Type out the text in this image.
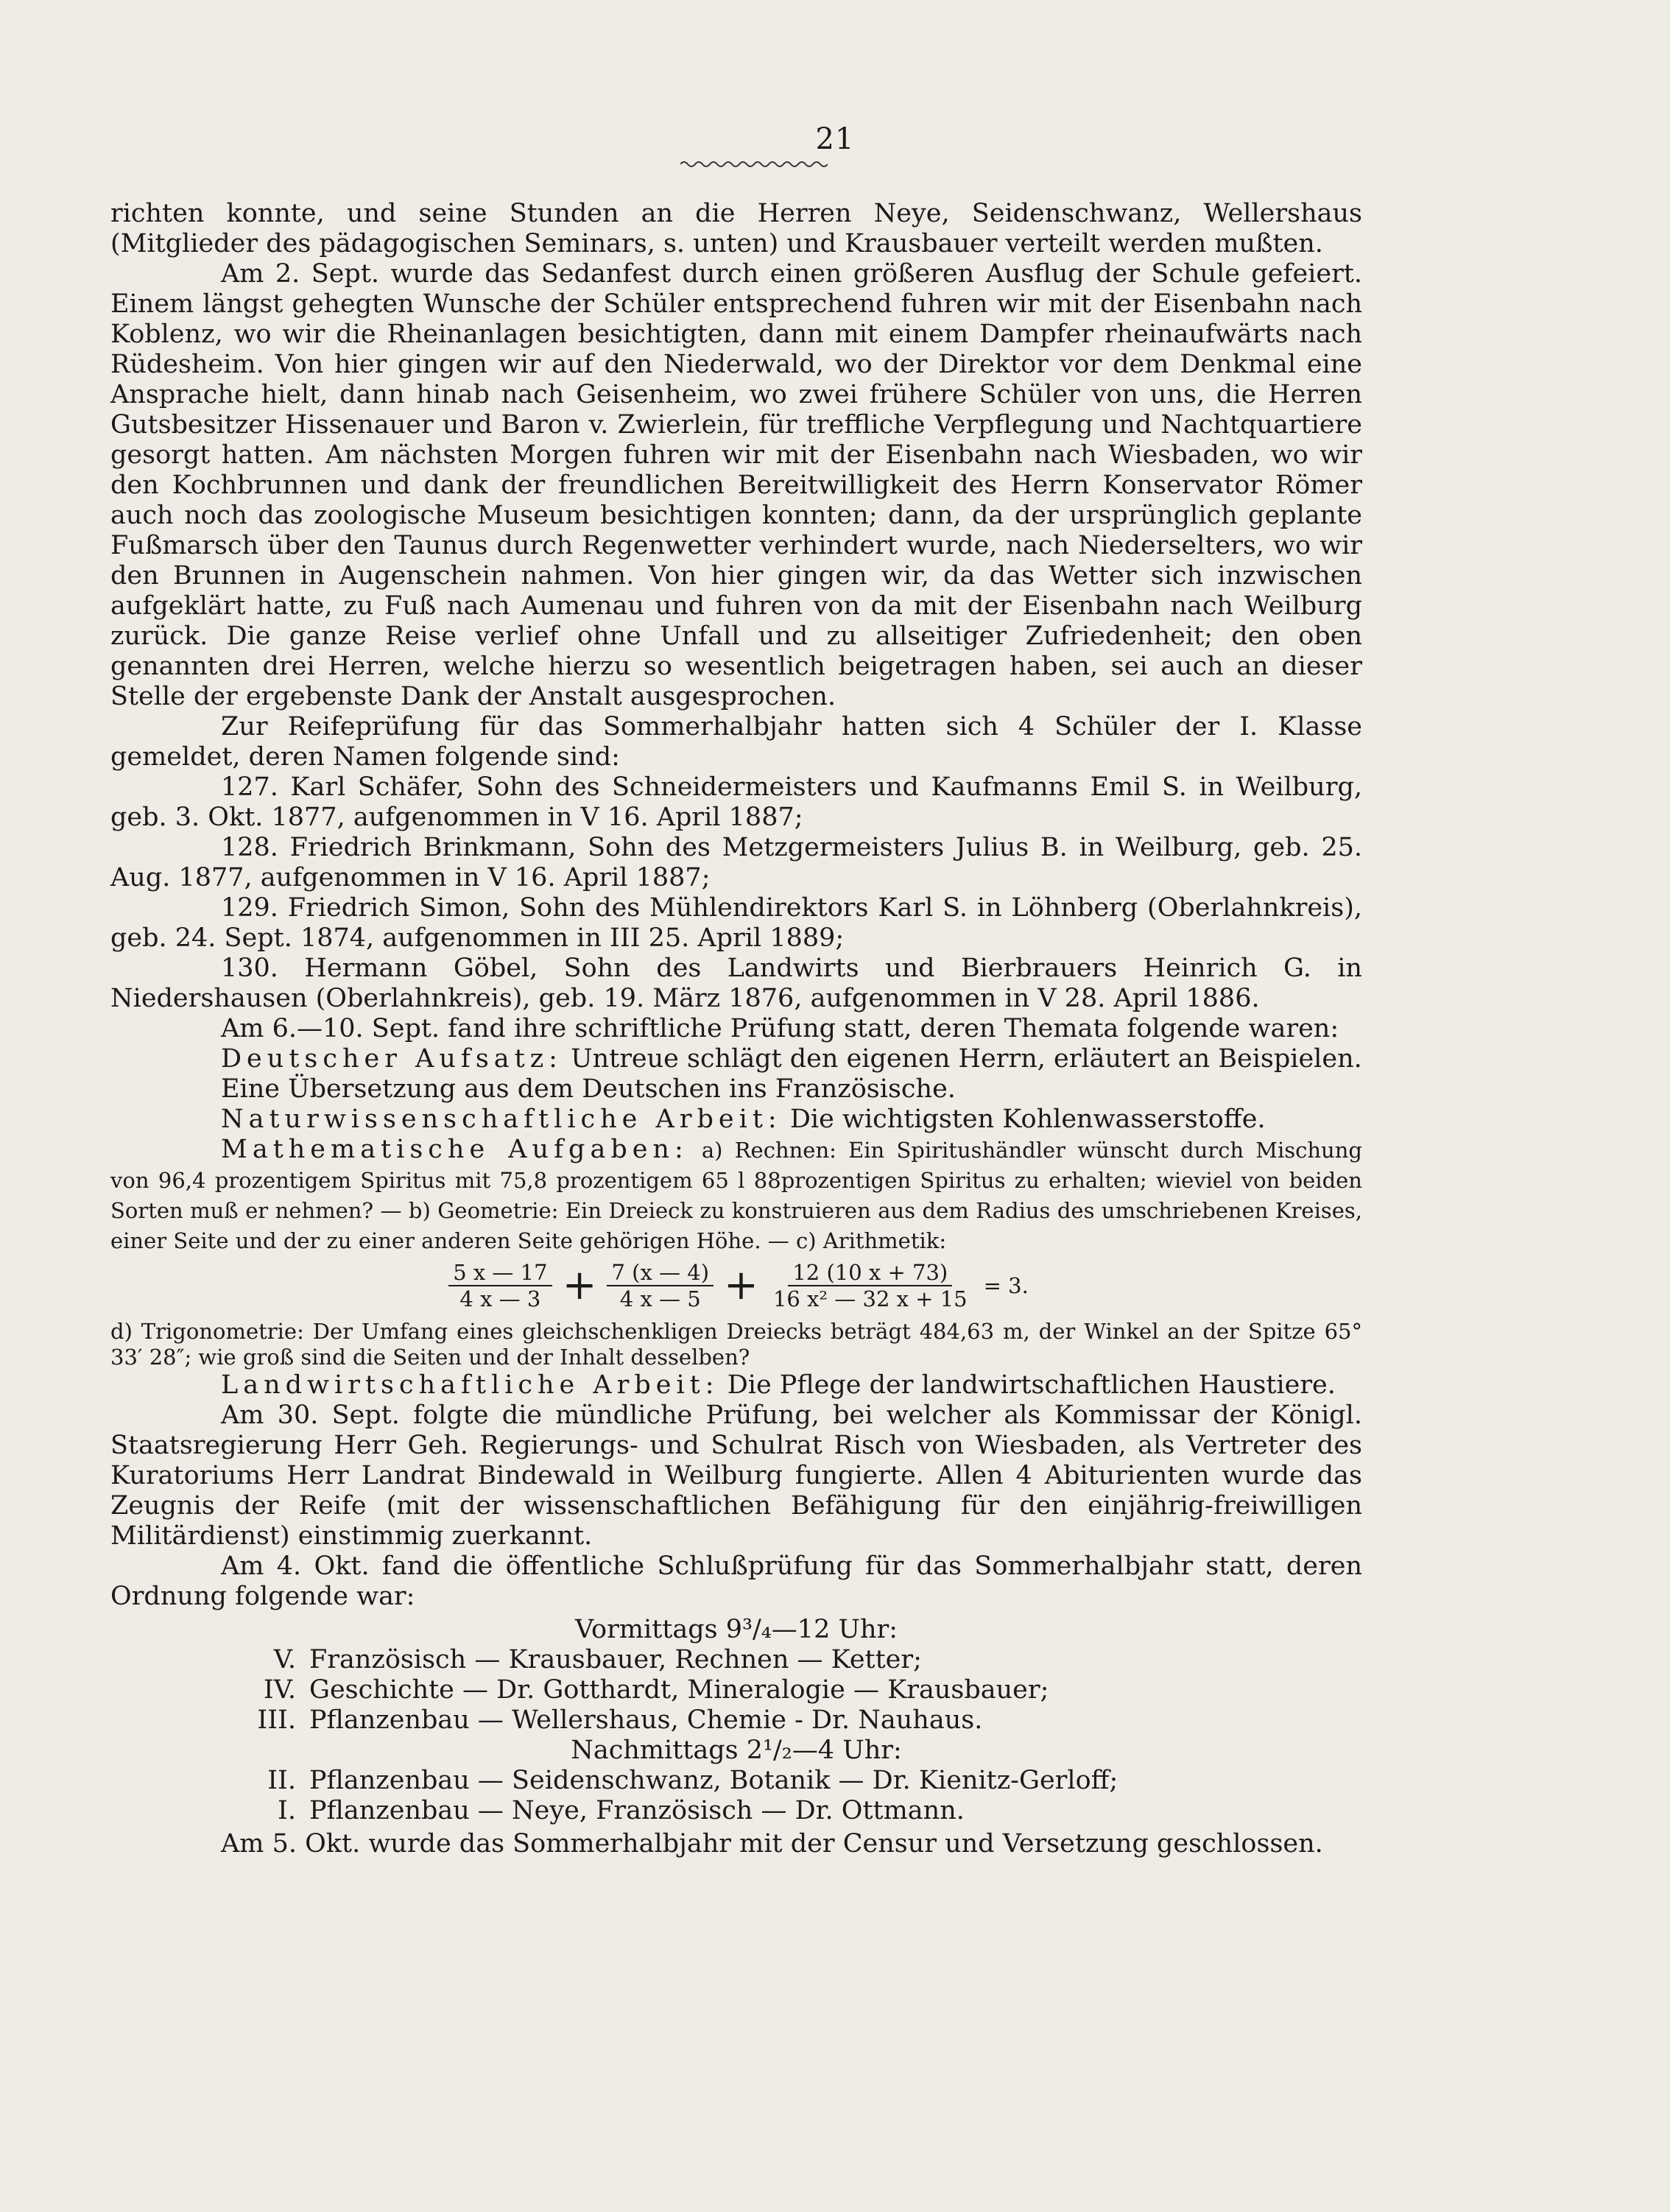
21

richten konnte, und seine Stunden an die Herren Neye, Seidenschwanz, Wellershaus (Mitglieder des pädagogischen Seminars, s. unten) und Krausbauer verteilt werden mußten.

Am 2. Sept. wurde das Sedanfest durch einen größeren Ausflug der Schule gefeiert. Einem längst gehegten Wunsche der Schüler entsprechend fuhren wir mit der Eisenbahn nach Koblenz, wo wir die Rheinanlagen besichtigten, dann mit einem Dampfer rheinaufwärts nach Rüdesheim. Von hier gingen wir auf den Niederwald, wo der Direktor vor dem Denkmal eine Ansprache hielt, dann hinab nach Geisenheim, wo zwei frühere Schüler von uns, die Herren Gutsbesitzer Hissenauer und Baron v. Zwierlein, für treffliche Verpflegung und Nachtquartiere gesorgt hatten. Am nächsten Morgen fuhren wir mit der Eisenbahn nach Wiesbaden, wo wir den Kochbrunnen und dank der freundlichen Bereitwilligkeit des Herrn Konservator Römer auch noch das zoologische Museum besichtigen konnten; dann, da der ursprünglich geplante Fußmarsch über den Taunus durch Regenwetter verhindert wurde, nach Niederselters, wo wir den Brunnen in Augenschein nahmen. Von hier gingen wir, da das Wetter sich inzwischen aufgeklärt hatte, zu Fuß nach Aumenau und fuhren von da mit der Eisenbahn nach Weilburg zurück. Die ganze Reise verlief ohne Unfall und zu allseitiger Zufriedenheit; den oben genannten drei Herren, welche hierzu so wesentlich beigetragen haben, sei auch an dieser Stelle der ergebenste Dank der Anstalt ausgesprochen.

Zur Reifeprüfung für das Sommerhalbjahr hatten sich 4 Schüler der I. Klasse gemeldet, deren Namen folgende sind:

127. Karl Schäfer, Sohn des Schneidermeisters und Kaufmanns Emil S. in Weilburg, geb. 3. Okt. 1877, aufgenommen in V 16. April 1887;

128. Friedrich Brinkmann, Sohn des Metzgermeisters Julius B. in Weilburg, geb. 25. Aug. 1877, aufgenommen in V 16. April 1887;

129. Friedrich Simon, Sohn des Mühlendirektors Karl S. in Löhnberg (Oberlahnkreis), geb. 24. Sept. 1874, aufgenommen in III 25. April 1889;

130. Hermann Göbel, Sohn des Landwirts und Bierbrauers Heinrich G. in Niedershausen (Oberlahnkreis), geb. 19. März 1876, aufgenommen in V 28. April 1886.

Am 6.—10. Sept. fand ihre schriftliche Prüfung statt, deren Themata folgende waren:

Deutscher Aufsatz: Untreue schlägt den eigenen Herrn, erläutert an Beispielen.

Eine Übersetzung aus dem Deutschen ins Französische.

Naturwissenschaftliche Arbeit: Die wichtigsten Kohlenwasserstoffe.

Mathematische Aufgaben: a) Rechnen: Ein Spiritushändler wünscht durch Mischung von 96,4 prozentigem Spiritus mit 75,8 prozentigem 65 l 88prozentigen Spiritus zu erhalten; wieviel von beiden Sorten muß er nehmen? — b) Geometrie: Ein Dreieck zu konstruieren aus dem Radius des umschriebenen Kreises, einer Seite und der zu einer anderen Seite gehörigen Höhe. — c) Arithmetik:

$\frac{5 x — 17}{4 x — 3} + \frac{7 (x — 4)}{4 x — 5} + \frac{12 (10 x + 73)}{\text{16 x² — 32 x + 15}} = 3$.

d) Trigonometrie: Der Umfang eines gleichschenkligen Dreiecks beträgt 484,63 m, der Winkel an der Spitze 65° 33′ 28″; wie groß sind die Seiten und der Inhalt desselben?

Landwirtschaftliche Arbeit: Die Pflege der landwirtschaftlichen Haustiere.

Am 30. Sept. folgte die mündliche Prüfung, bei welcher als Kommissar der Königl. Staatsregierung Herr Geh. Regierungs- und Schulrat Risch von Wiesbaden, als Vertreter des Kuratoriums Herr Landrat Bindewald in Weilburg fungierte. Allen 4 Abiturienten wurde das Zeugnis der Reife (mit der wissenschaftlichen Befähigung für den einjährig-freiwilligen Militärdienst) einstimmig zuerkannt.

Am 4. Okt. fand die öffentliche Schlußprüfung für das Sommerhalbjahr statt, deren Ordnung folgende war:

Vormittags 9³/₄—12 Uhr:
V. Französisch — Krausbauer, Rechnen — Ketter;
IV. Geschichte — Dr. Gotthardt, Mineralogie — Krausbauer;
III. Pflanzenbau — Wellershaus, Chemie - Dr. Nauhaus.
Nachmittags 2¹/₂—4 Uhr:
II. Pflanzenbau — Seidenschwanz, Botanik — Dr. Kienitz-Gerloff;
I. Pflanzenbau — Neye, Französisch — Dr. Ottmann.

Am 5. Okt. wurde das Sommerhalbjahr mit der Censur und Versetzung geschlossen.
